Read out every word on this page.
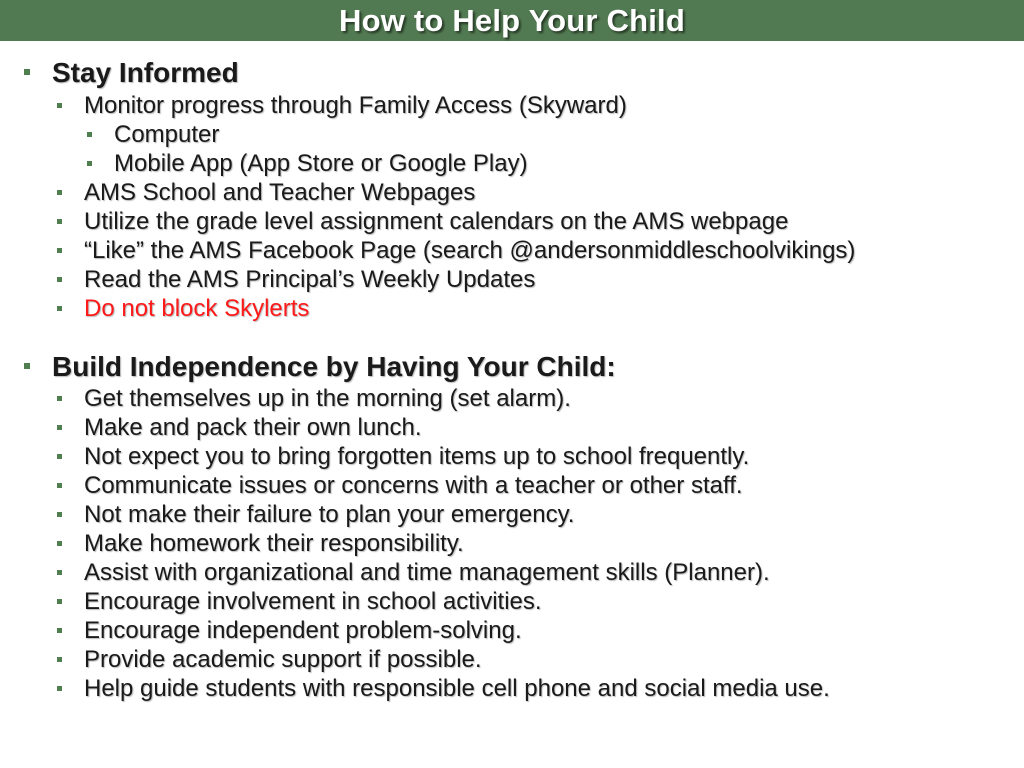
How to Help Your Child
Stay Informed
Monitor progress through Family Access (Skyward)
Computer
Mobile App (App Store or Google Play)
AMS School and Teacher Webpages
Utilize the grade level assignment calendars on the AMS webpage
“Like” the AMS Facebook Page (search @andersonmiddleschoolvikings)
Read the AMS Principal’s Weekly Updates
Do not block Skylerts
Build Independence by Having Your Child:
Get themselves up in the morning (set alarm).
Make and pack their own lunch.
Not expect you to bring forgotten items up to school frequently.
Communicate issues or concerns with a teacher or other staff.
Not make their failure to plan your emergency.
Make homework their responsibility.
Assist with organizational and time management skills (Planner).
Encourage involvement in school activities.
Encourage independent problem-solving.
Provide academic support if possible.
Help guide students with responsible cell phone and social media use.
